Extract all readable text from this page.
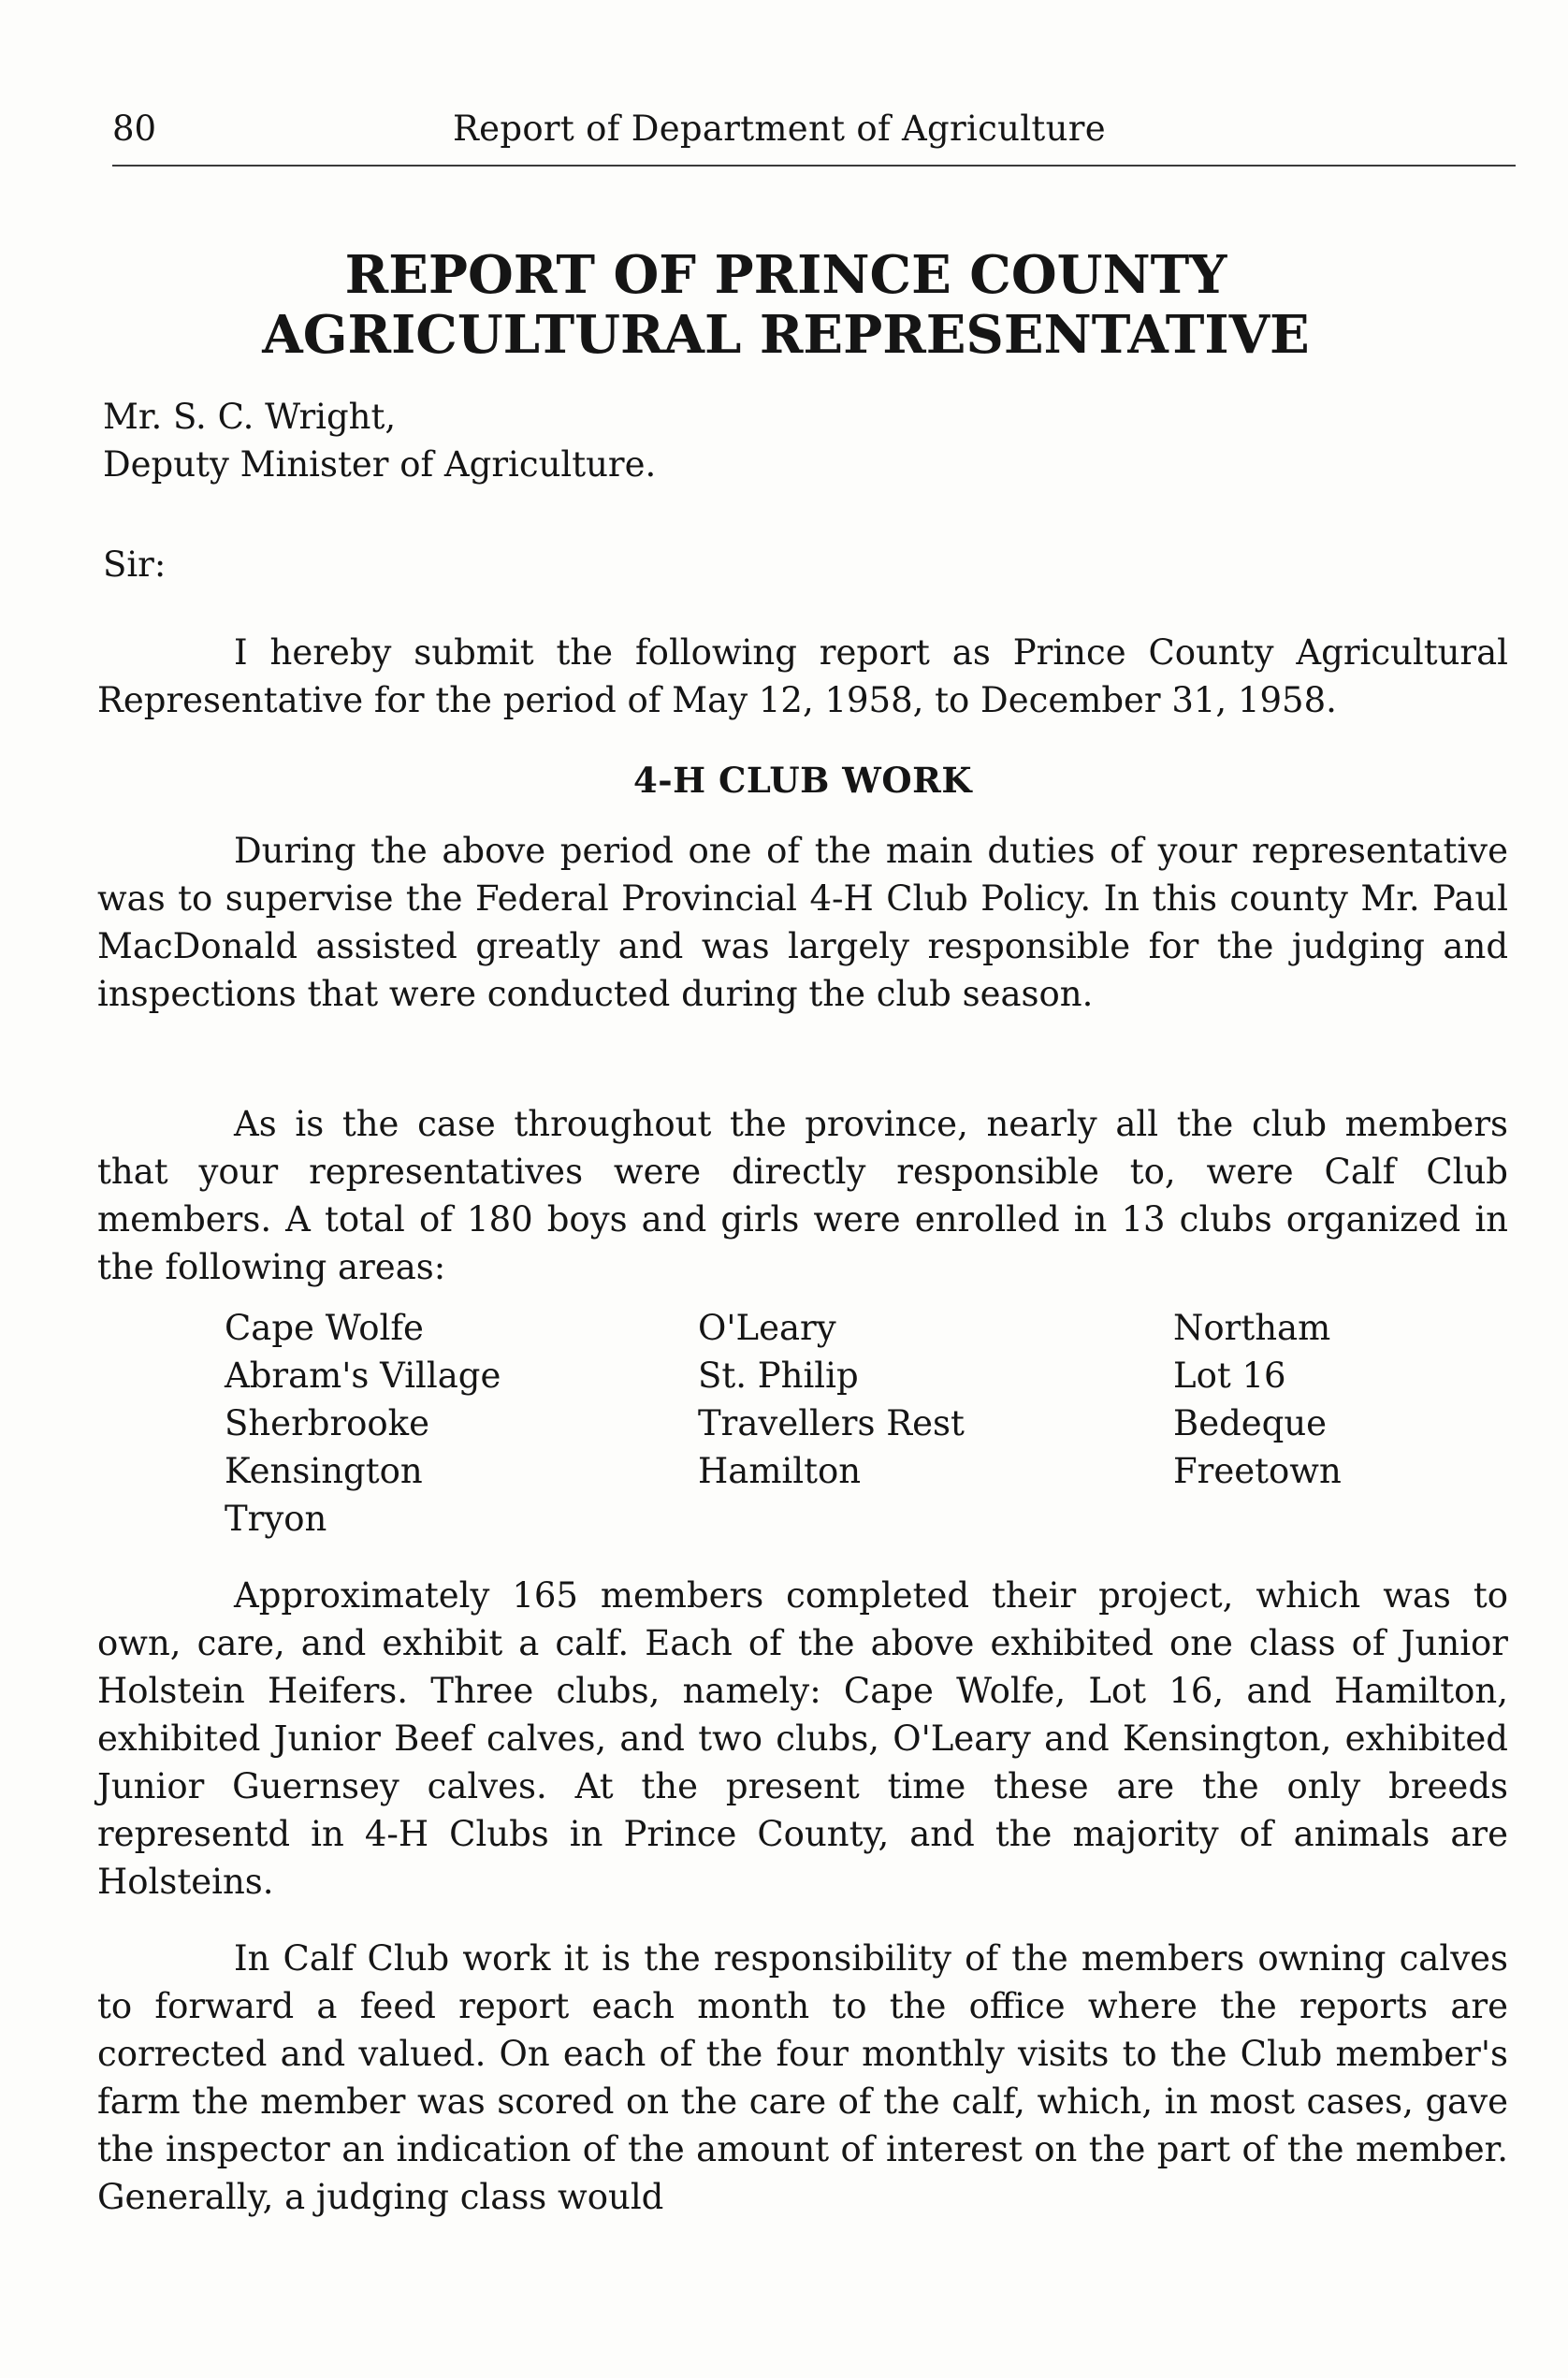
80	Report of Department of Agriculture
REPORT OF PRINCE COUNTY
AGRICULTURAL REPRESENTATIVE
Mr. S. C. Wright,
Deputy Minister of Agriculture.
Sir:

I hereby submit the following report as Prince County Agricultural Representative for the period of May 12, 1958, to December 31, 1958.

4-H CLUB WORK

During the above period one of the main duties of your representative was to supervise the Federal Provincial 4-H Club Policy. In this county Mr. Paul MacDonald assisted greatly and was largely responsible for the judging and inspections that were conducted during the club season.

As is the case throughout the province, nearly all the club members that your representatives were directly responsible to, were Calf Club members. A total of 180 boys and girls were enrolled in 13 clubs organized in the following areas:

Cape Wolfe
Abram's Village
Sherbrooke
Kensington
Tryon
O'Leary
St. Philip
Travellers Rest
Hamilton
Northam
Lot 16
Bedeque
Freetown

Approximately 165 members completed their project, which was to own, care, and exhibit a calf. Each of the above exhibited one class of Junior Holstein Heifers. Three clubs, namely: Cape Wolfe, Lot 16, and Hamilton, exhibited Junior Beef calves, and two clubs, O'Leary and Kensington, exhibited Junior Guernsey calves. At the present time these are the only breeds representd in 4-H Clubs in Prince County, and the majority of animals are Holsteins.

In Calf Club work it is the responsibility of the members owning calves to forward a feed report each month to the office where the reports are corrected and valued. On each of the four monthly visits to the Club member's farm the member was scored on the care of the calf, which, in most cases, gave the inspector an indication of the amount of interest on the part of the member. Generally, a judging class would
